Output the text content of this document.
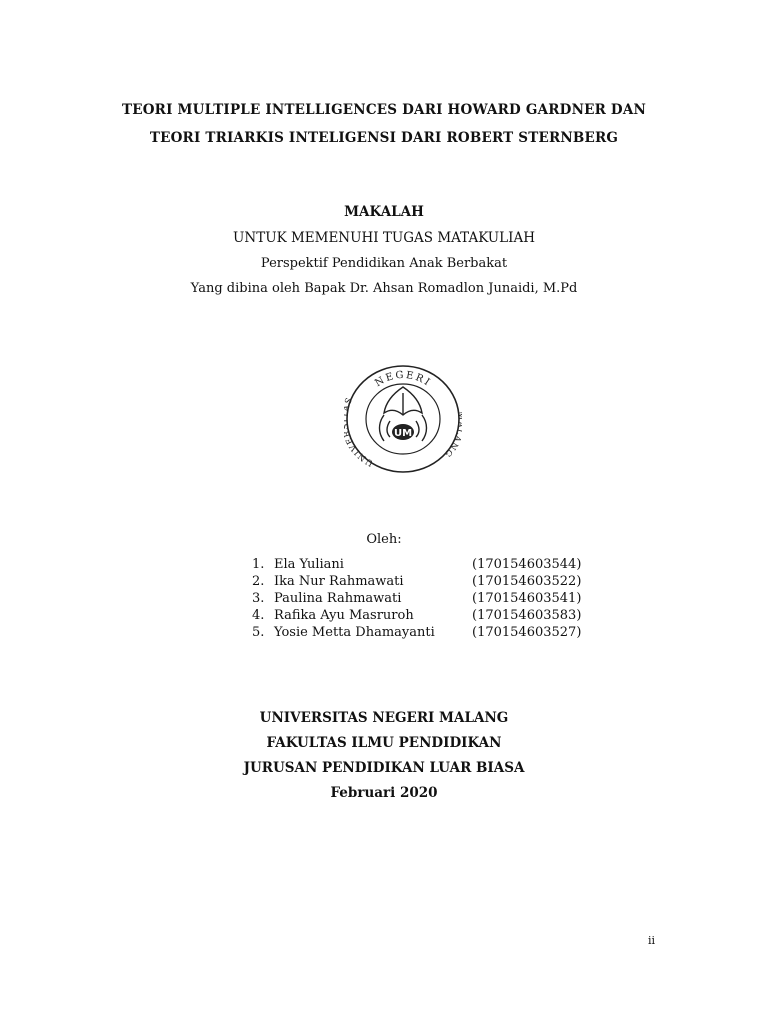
TEORI MULTIPLE INTELLIGENCES DARI HOWARD GARDNER DAN
TEORI TRIARKIS INTELIGENSI DARI ROBERT STERNBERG
MAKALAH
UNTUK MEMENUHI TUGAS MATAKULIAH
Perspektif Pendidikan Anak Berbakat
Yang dibina oleh Bapak Dr. Ahsan Romadlon Junaidi, M.Pd
NEGERI
UNIVE S
ANG
UM
Oleh:
1. Ela Yuliani	(170154603544)
2. Ika Nur Rahmawati	(170154603522)
3. Paulina Rahmawati	(170154603541)
4. Rafika Ayu Masruroh	(170154603583)
5. Yosie Metta Dhamayanti	(170154603527)
UNIVERSITAS NEGERI MALANG
FAKULTAS ILMU PENDIDIKAN
JURUSAN PENDIDIKAN LUAR BIASA
Februari 2020
ii
